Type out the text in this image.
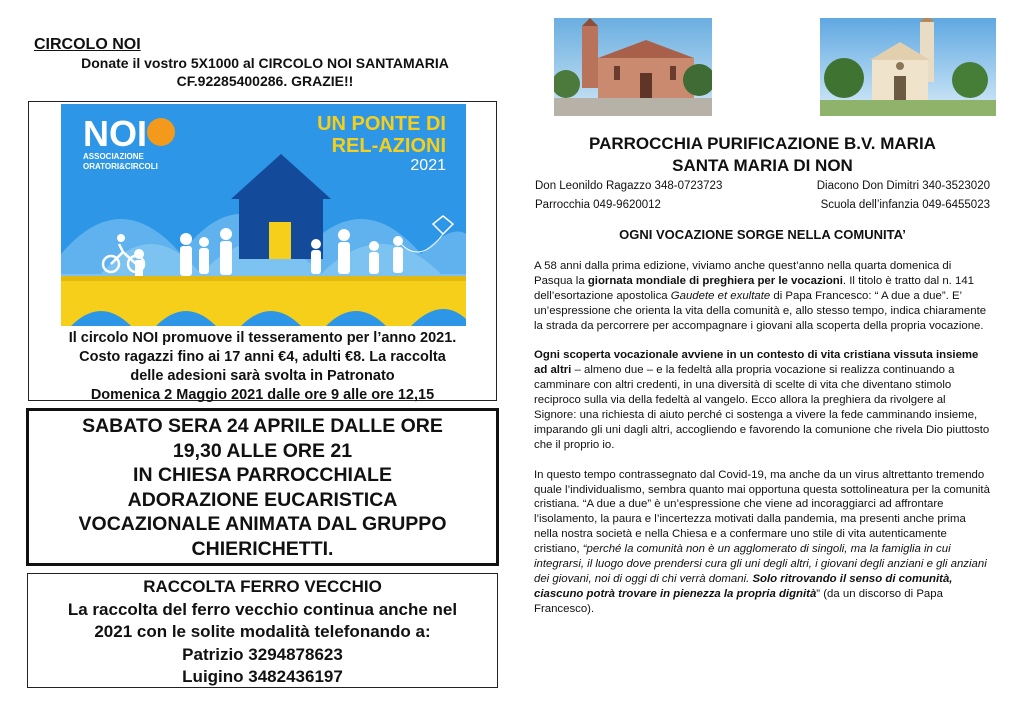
CIRCOLO NOI
Donate il vostro 5X1000 al CIRCOLO NOI SANTAMARIA
CF.92285400286. GRAZIE!!
NOI
ASSOCIAZIONE
ORATORI&CIRCOLI
UN PONTE DI
REL-AZIONI
2021
Il circolo NOI promuove il tesseramento per l’anno 2021.
Costo ragazzi fino ai 17 anni €4, adulti €8. La raccolta
delle adesioni sarà svolta in Patronato
Domenica 2 Maggio 2021 dalle ore 9 alle ore 12,15
SABATO SERA 24 APRILE DALLE ORE
19,30 ALLE ORE 21
IN CHIESA PARROCCHIALE
ADORAZIONE EUCARISTICA
VOCAZIONALE ANIMATA DAL GRUPPO
CHIERICHETTI.
RACCOLTA FERRO VECCHIO
La raccolta del ferro vecchio continua anche nel
2021 con le solite modalità telefonando a:
Patrizio 3294878623
Luigino 3482436197
PARROCCHIA PURIFICAZIONE B.V. MARIA
SANTA MARIA DI NON
Don Leonildo Ragazzo 348-0723723	Diacono Don Dimitri 340-3523020
Parrocchia 049-9620012	Scuola dell’infanzia 049-6455023
OGNI VOCAZIONE SORGE NELLA COMUNITA’

A 58 anni dalla prima edizione, viviamo anche quest’anno nella quarta domenica di Pasqua la giornata mondiale di preghiera per le vocazioni. Il titolo è tratto dal n. 141 dell’esortazione apostolica Gaudete et exultate di Papa Francesco: “ A due a due”. E’ un’espressione che orienta la vita della comunità e, allo stesso tempo, indica chiaramente la strada da percorrere per accompagnare i giovani alla scoperta della propria vocazione.

Ogni scoperta vocazionale avviene in un contesto di vita cristiana vissuta insieme ad altri – almeno due – e la fedeltà alla propria vocazione si realizza continuando a camminare con altri credenti, in una diversità di scelte di vita che diventano stimolo reciproco sulla via della fedeltà al vangelo. Ecco allora la preghiera da rivolgere al Signore: una richiesta di aiuto perché ci sostenga a vivere la fede camminando insieme, imparando gli uni dagli altri, accogliendo e favorendo la comunione che rivela Dio piuttosto che il proprio io.

In questo tempo contrassegnato dal Covid-19, ma anche da un virus altrettanto tremendo quale l’individualismo, sembra quanto mai opportuna questa sottolineatura per la comunità cristiana. “A due a due” è un’espressione che viene ad incoraggiarci ad affrontare l’isolamento, la paura e l’incertezza motivati dalla pandemia, ma presenti anche prima nella nostra società e nella Chiesa e a confermare uno stile di vita autenticamente cristiano, “perché la comunità non è un agglomerato di singoli, ma la famiglia in cui integrarsi, il luogo dove prendersi cura gli uni degli altri, i giovani degli anziani e gli anziani dei giovani, noi di oggi di chi verrà domani. Solo ritrovando il senso di comunità, ciascuno potrà trovare in pienezza la propria dignità” (da un discorso di Papa Francesco).
